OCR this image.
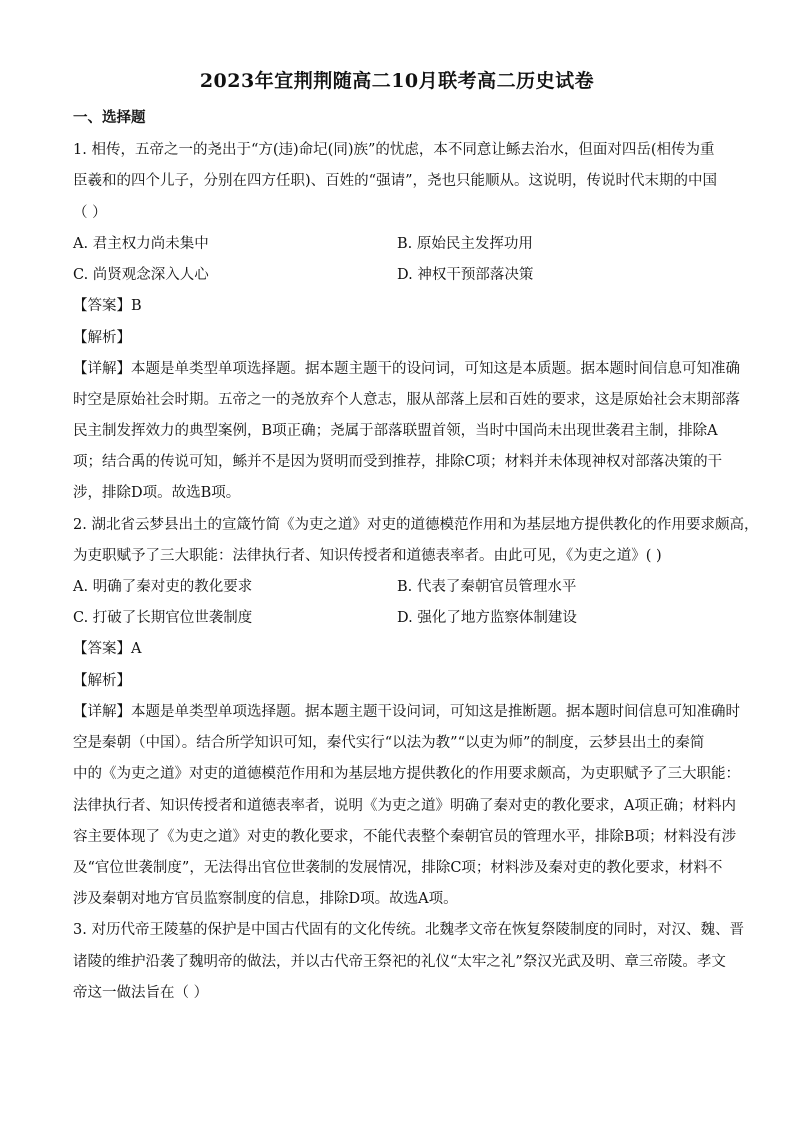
2023年宜荆荆随高二10月联考高二历史试卷
一、选择题
1. 相传，五帝之一的尧出于“方(违)命圮(同)族”的忧虑，本不同意让鲧去治水，但面对四岳(相传为重
臣羲和的四个儿子，分别在四方任职)、百姓的“强请”，尧也只能顺从。这说明，传说时代末期的中国
（ ）
A. 君主权力尚未集中	B. 原始民主发挥功用
C. 尚贤观念深入人心	D. 神权干预部落决策
【答案】B
【解析】
【详解】本题是单类型单项选择题。据本题主题干的设问词，可知这是本质题。据本题时间信息可知准确
时空是原始社会时期。五帝之一的尧放弃个人意志，服从部落上层和百姓的要求，这是原始社会末期部落
民主制发挥效力的典型案例，B项正确；尧属于部落联盟首领，当时中国尚未出现世袭君主制，排除A
项；结合禹的传说可知，鲧并不是因为贤明而受到推荐，排除C项；材料并未体现神权对部落决策的干
涉，排除D项。故选B项。
2. 湖北省云梦县出土的宣箴竹简《为吏之道》对吏的道德模范作用和为基层地方提供教化的作用要求颇高，
为吏职赋予了三大职能：法律执行者、知识传授者和道德表率者。由此可见，《为吏之道》( )
A. 明确了秦对吏的教化要求	B. 代表了秦朝官员管理水平
C. 打破了长期官位世袭制度	D. 强化了地方监察体制建设
【答案】A
【解析】
【详解】本题是单类型单项选择题。据本题主题干设问词，可知这是推断题。据本题时间信息可知准确时
空是秦朝（中国）。结合所学知识可知，秦代实行“以法为教”“以吏为师”的制度，云梦县出土的秦简
中的《为吏之道》对吏的道德模范作用和为基层地方提供教化的作用要求颇高，为吏职赋予了三大职能：
法律执行者、知识传授者和道德表率者，说明《为吏之道》明确了秦对吏的教化要求，A项正确；材料内
容主要体现了《为吏之道》对吏的教化要求，不能代表整个秦朝官员的管理水平，排除B项；材料没有涉
及“官位世袭制度”，无法得出官位世袭制的发展情况，排除C项；材料涉及秦对吏的教化要求，材料不
涉及秦朝对地方官员监察制度的信息，排除D项。故选A项。
3. 对历代帝王陵墓的保护是中国古代固有的文化传统。北魏孝文帝在恢复祭陵制度的同时，对汉、魏、晋
诸陵的维护沿袭了魏明帝的做法，并以古代帝王祭祀的礼仪“太牢之礼”祭汉光武及明、章三帝陵。孝文
帝这一做法旨在（ ）
